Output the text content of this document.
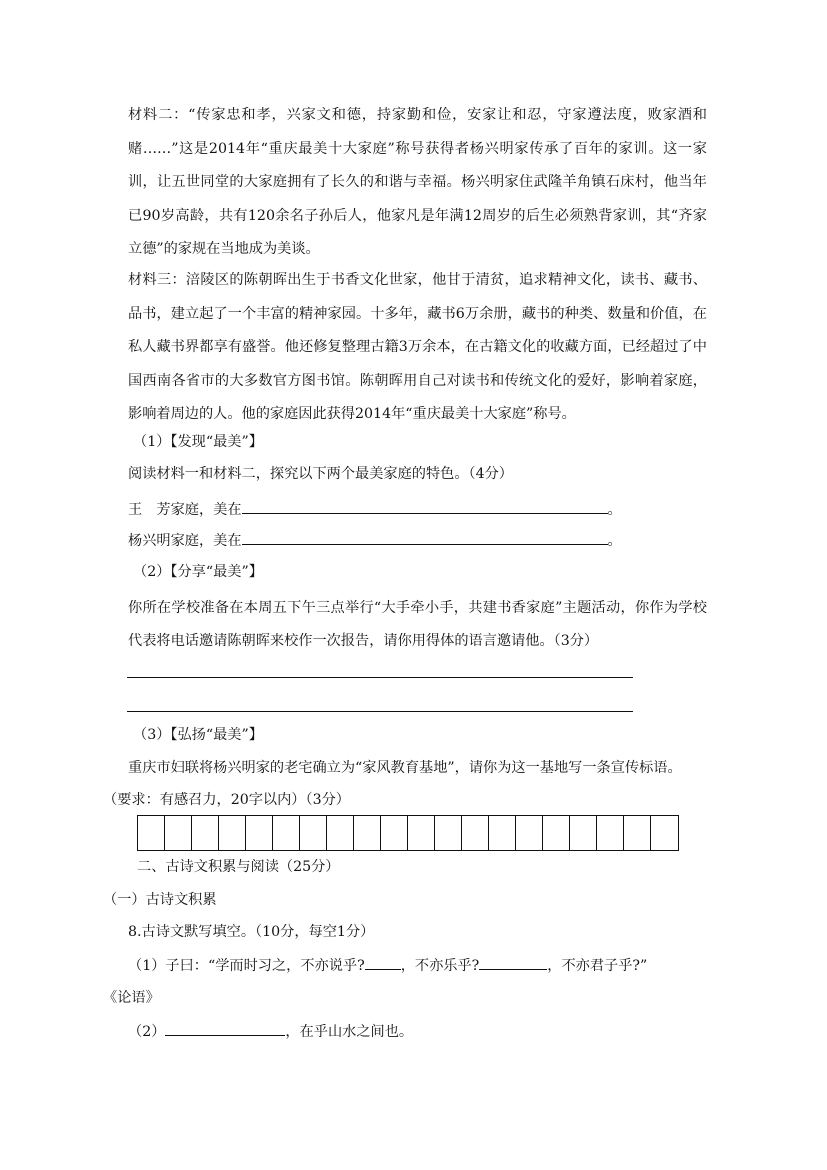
材料二：“传家忠和孝，兴家文和德，持家勤和俭，安家让和忍，守家遵法度，败家酒和赌……”这是2014年“重庆最美十大家庭”称号获得者杨兴明家传承了百年的家训。这一家训，让五世同堂的大家庭拥有了长久的和谐与幸福。杨兴明家住武隆羊角镇石床村，他当年已90岁高龄，共有120余名子孙后人，他家凡是年满12周岁的后生必须熟背家训，其“齐家立德”的家规在当地成为美谈。

材料三：涪陵区的陈朝晖出生于书香文化世家，他甘于清贫，追求精神文化，读书、藏书、品书，建立起了一个丰富的精神家园。十多年，藏书6万余册，藏书的种类、数量和价值，在私人藏书界都享有盛誉。他还修复整理古籍3万余本，在古籍文化的收藏方面，已经超过了中国西南各省市的大多数官方图书馆。陈朝晖用自己对读书和传统文化的爱好，影响着家庭，影响着周边的人。他的家庭因此获得2014年“重庆最美十大家庭”称号。

（1）【发现“最美”】
阅读材料一和材料二，探究以下两个最美家庭的特色。（4分）
王　芳家庭，美在	。
杨兴明家庭，美在	。
（2）【分享“最美”】

你所在学校准备在本周五下午三点举行“大手牵小手，共建书香家庭”主题活动，你作为学校代表将电话邀请陈朝晖来校作一次报告，请你用得体的语言邀请他。（3分）

（3）【弘扬“最美”】
重庆市妇联将杨兴明家的老宅确立为“家风教育基地”，请你为这一基地写一条宣传标语。
（要求：有感召力，20字以内）（3分）
二、古诗文积累与阅读（25分）
（一）古诗文积累
8.古诗文默写填空。（10分，每空1分）
（1）子曰：“学而时习之，不亦说乎?	，不亦乐乎?	，不亦君子乎?”
《论语》
（2）	，在乎山水之间也。
